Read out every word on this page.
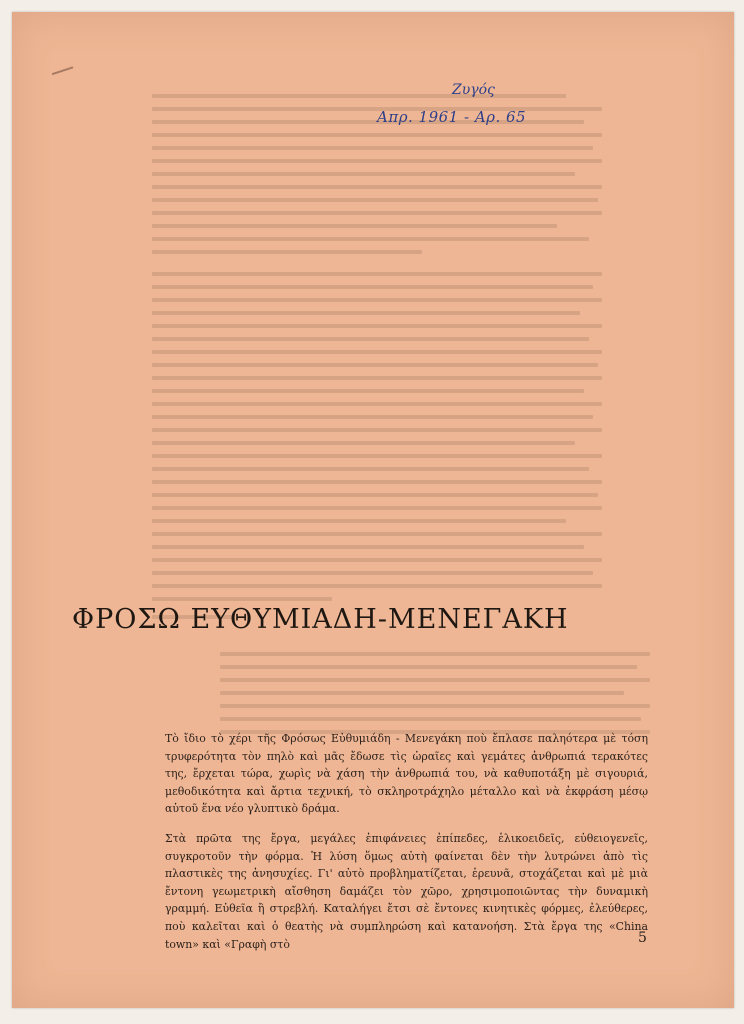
Ζυγός
Απρ. 1961 - Αρ. 65
ΦΡΟΣΩ ΕΥΘΥΜΙΑΔΗ-ΜΕΝΕΓΑΚΗ

Τὸ ἴδιο τὸ χέρι τῆς Φρόσως Εὐθυμιάδη - Μενεγάκη ποὺ ἔπλασε παληότερα μὲ τόση τρυφερότητα τὸν πηλὸ καὶ μᾶς ἔδωσε τὶς ὡραῖες καὶ γεμάτες ἀνθρωπιά τερακότες της, ἔρχεται τώρα, χωρὶς νὰ χάση τὴν ἀνθρωπιά του, νὰ καθυποτάξη μὲ σιγουριά, μεθοδικότητα καὶ ἄρτια τεχνική, τὸ σκληροτράχηλο μέταλλο καὶ νὰ ἐκφράση μέσῳ αὐτοῦ ἕνα νέο γλυπτικὸ δράμα.

Στὰ πρῶτα της ἔργα, μεγάλες ἐπιφάνειες ἐπίπεδες, ἑλικοειδεῖς, εὐθειογενεῖς, συγκροτοῦν τὴν φόρμα. Ἡ λύση ὅμως αὐτὴ φαίνεται δὲν τὴν λυτρώνει ἀπὸ τὶς πλαστικὲς της ἀνησυχίες. Γι' αὐτὸ προβληματίζεται, ἐρευνᾶ, στοχάζεται καὶ μὲ μιὰ ἔντονη γεωμετρικὴ αἴσθηση δαμάζει τὸν χῶρο, χρησιμοποιῶντας τὴν δυναμικὴ γραμμή. Εὐθεῖα ἢ στρεβλή. Καταλήγει ἔτσι σὲ ἔντονες κινητικὲς φόρμες, ἐλεύθερες, ποὺ καλεῖται καὶ ὁ θεατὴς νὰ συμπληρώση καὶ κατανοήση. Στὰ ἔργα της «China town» καὶ «Γραφὴ στὸ	5
